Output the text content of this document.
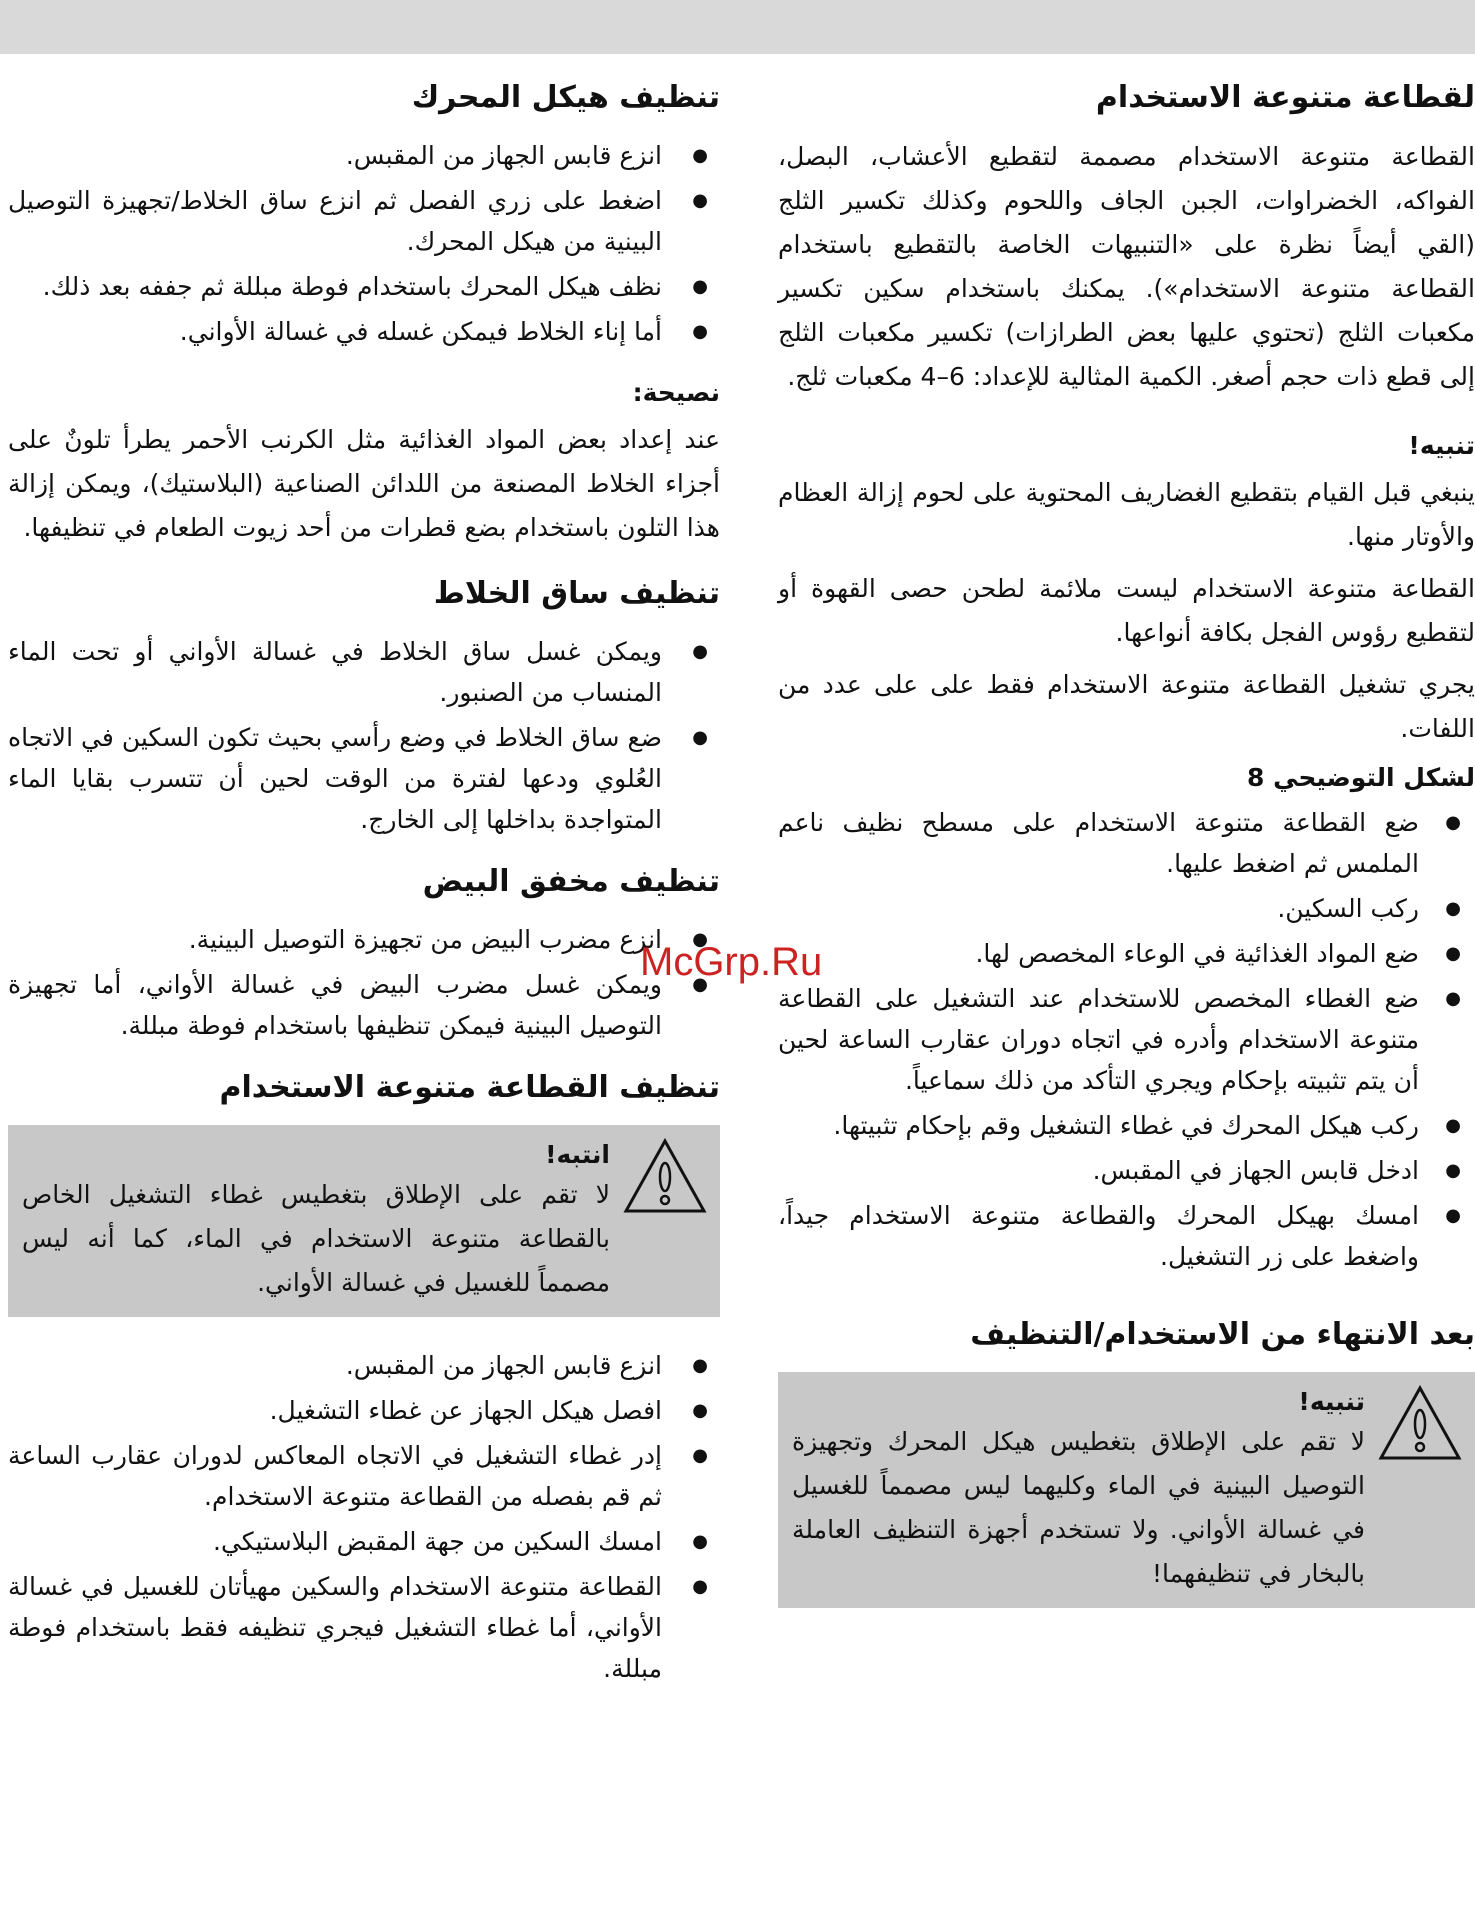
لقطاعة متنوعة الاستخدام

القطاعة متنوعة الاستخدام مصممة لتقطيع الأعشاب، البصل، الفواكه، الخضراوات، الجبن الجاف واللحوم وكذلك تكسير الثلج (القي أيضاً نظرة على «التنبيهات الخاصة بالتقطيع باستخدام القطاعة متنوعة الاستخدام»). يمكنك باستخدام سكين تكسير مكعبات الثلج (تحتوي عليها بعض الطرازات) تكسير مكعبات الثلج إلى قطع ذات حجم أصغر. الكمية المثالية للإعداد: 6–4 مكعبات ثلج.

تنبيه!

ينبغي قبل القيام بتقطيع الغضاريف المحتوية على لحوم إزالة العظام والأوتار منها.

القطاعة متنوعة الاستخدام ليست ملائمة لطحن حصى القهوة أو لتقطيع رؤوس الفجل بكافة أنواعها.

يجري تشغيل القطاعة متنوعة الاستخدام فقط على على عدد من اللفات.

لشكل التوضيحي 8
● ضع القطاعة متنوعة الاستخدام على مسطح نظيف ناعم الملمس ثم اضغط عليها.
● ركب السكين.
● ضع المواد الغذائية في الوعاء المخصص لها.
● ضع الغطاء المخصص للاستخدام عند التشغيل على القطاعة متنوعة الاستخدام وأدره في اتجاه دوران عقارب الساعة لحين أن يتم تثبيته بإحكام ويجري التأكد من ذلك سماعياً.
● ركب هيكل المحرك في غطاء التشغيل وقم بإحكام تثبيتها.
● ادخل قابس الجهاز في المقبس.
● امسك بهيكل المحرك والقطاعة متنوعة الاستخدام جيداً، واضغط على زر التشغيل.
بعد الانتهاء من الاستخدام/التنظيف
تنبيه!
لا تقم على الإطلاق بتغطيس هيكل المحرك وتجهيزة التوصيل البينية في الماء وكليهما ليس مصمماً للغسيل في غسالة الأواني. ولا تستخدم أجهزة التنظيف العاملة بالبخار في تنظيفهما!
تنظيف هيكل المحرك
● انزع قابس الجهاز من المقبس.
● اضغط على زري الفصل ثم انزع ساق الخلاط/تجهيزة التوصيل البينية من هيكل المحرك.
● نظف هيكل المحرك باستخدام فوطة مبللة ثم جففه بعد ذلك.
● أما إناء الخلاط فيمكن غسله في غسالة الأواني.
نصيحة:

عند إعداد بعض المواد الغذائية مثل الكرنب الأحمر يطرأ تلونٌ على أجزاء الخلاط المصنعة من اللدائن الصناعية (البلاستيك)، ويمكن إزالة هذا التلون باستخدام بضع قطرات من أحد زيوت الطعام في تنظيفها.

تنظيف ساق الخلاط
● ويمكن غسل ساق الخلاط في غسالة الأواني أو تحت الماء المنساب من الصنبور.
● ضع ساق الخلاط في وضع رأسي بحيث تكون السكين في الاتجاه العُلوي ودعها لفترة من الوقت لحين أن تتسرب بقايا الماء المتواجدة بداخلها إلى الخارج.
تنظيف مخفق البيض
● انزع مضرب البيض من تجهيزة التوصيل البينية.
● ويمكن غسل مضرب البيض في غسالة الأواني، أما تجهيزة التوصيل البينية فيمكن تنظيفها باستخدام فوطة مبللة.
تنظيف القطاعة متنوعة الاستخدام
انتبه!
لا تقم على الإطلاق بتغطيس غطاء التشغيل الخاص بالقطاعة متنوعة الاستخدام في الماء، كما أنه ليس مصمماً للغسيل في غسالة الأواني.
● انزع قابس الجهاز من المقبس.
● افصل هيكل الجهاز عن غطاء التشغيل.
● إدر غطاء التشغيل في الاتجاه المعاكس لدوران عقارب الساعة ثم قم بفصله من القطاعة متنوعة الاستخدام.
● امسك السكين من جهة المقبض البلاستيكي.
● القطاعة متنوعة الاستخدام والسكين مهيأتان للغسيل في غسالة الأواني، أما غطاء التشغيل فيجري تنظيفه فقط باستخدام فوطة مبللة.
McGrp.Ru
